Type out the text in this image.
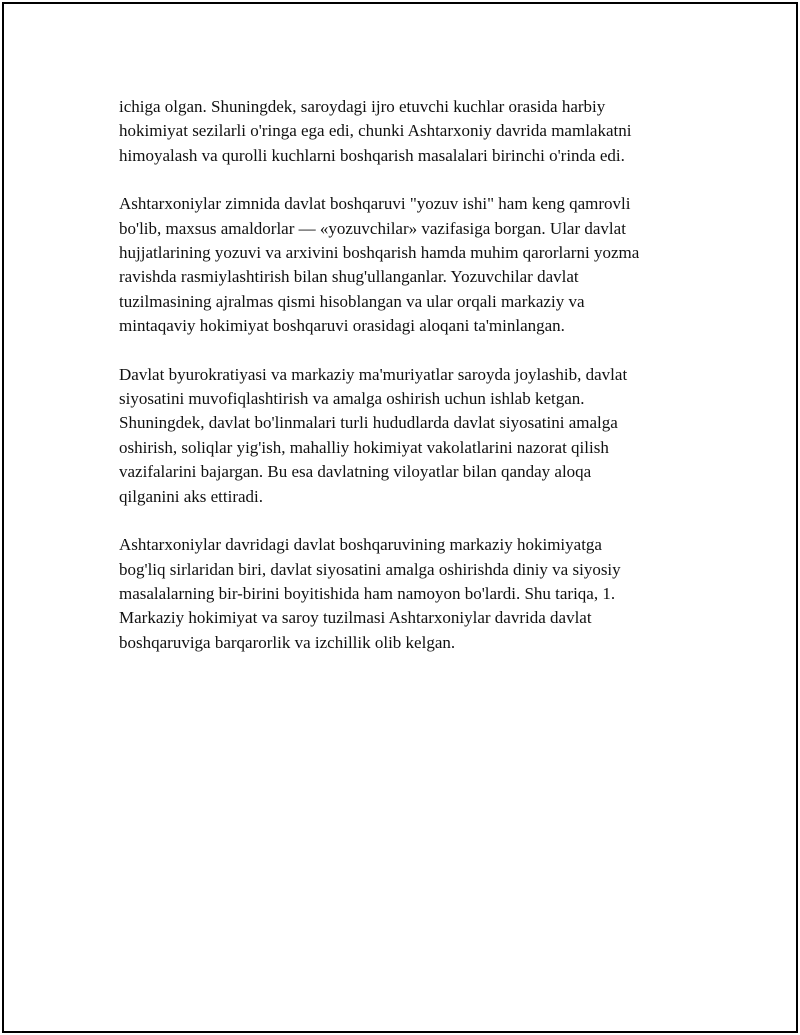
ichiga olgan. Shuningdek, saroydagi ijro etuvchi kuchlar orasida harbiy
hokimiyat sezilarli o'ringa ega edi, chunki Ashtarxoniy davrida mamlakatni
himoyalash va qurolli kuchlarni boshqarish masalalari birinchi o'rinda edi.

Ashtarxoniylar zimnida davlat boshqaruvi "yozuv ishi" ham keng qamrovli
bo'lib, maxsus amaldorlar — «yozuvchilar» vazifasiga borgan. Ular davlat
hujjatlarining yozuvi va arxivini boshqarish hamda muhim qarorlarni yozma
ravishda rasmiylashtirish bilan shug'ullanganlar. Yozuvchilar davlat
tuzilmasining ajralmas qismi hisoblangan va ular orqali markaziy va
mintaqaviy hokimiyat boshqaruvi orasidagi aloqani ta'minlangan.

Davlat byurokratiyasi va markaziy ma'muriyatlar saroyda joylashib, davlat
siyosatini muvofiqlashtirish va amalga oshirish uchun ishlab ketgan.
Shuningdek, davlat bo'linmalari turli hududlarda davlat siyosatini amalga
oshirish, soliqlar yig'ish, mahalliy hokimiyat vakolatlarini nazorat qilish
vazifalarini bajargan. Bu esa davlatning viloyatlar bilan qanday aloqa
qilganini aks ettiradi.

Ashtarxoniylar davridagi davlat boshqaruvining markaziy hokimiyatga
bog'liq sirlaridan biri, davlat siyosatini amalga oshirishda diniy va siyosiy
masalalarning bir-birini boyitishida ham namoyon bo'lardi. Shu tariqa, 1.
Markaziy hokimiyat va saroy tuzilmasi Ashtarxoniylar davrida davlat
boshqaruviga barqarorlik va izchillik olib kelgan.
